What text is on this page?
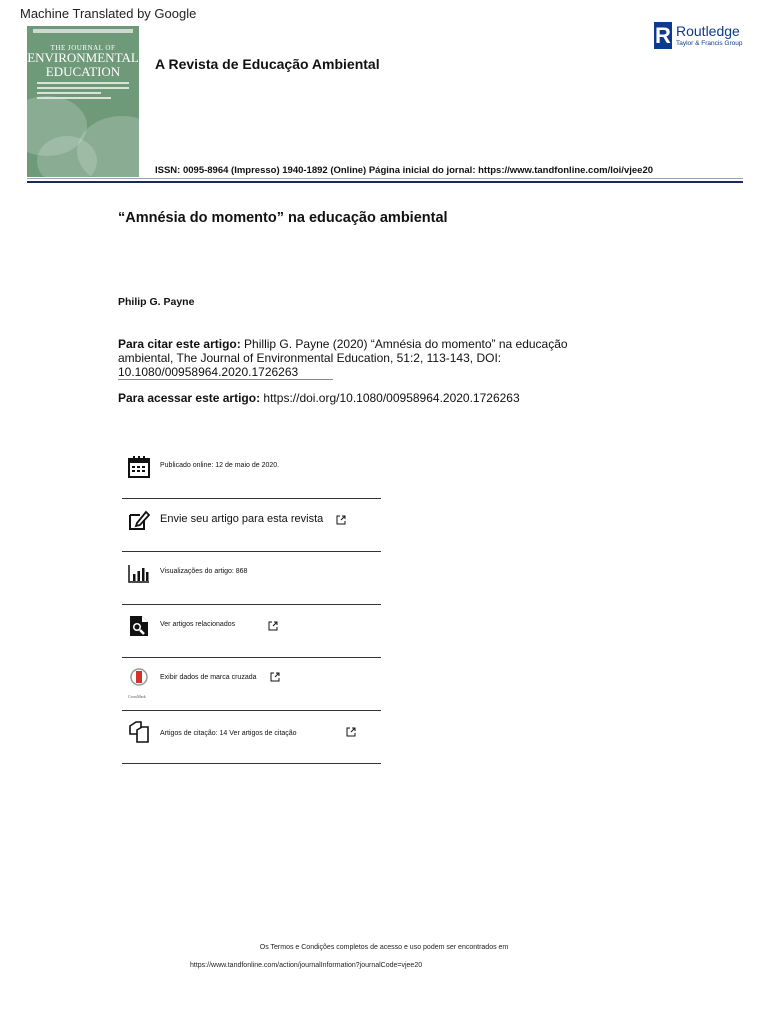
Machine Translated by Google
THE JOURNAL OF
ENVIRONMENTAL
EDUCATION	A Revista de Educação Ambiental
R Routledge
Taylor & Francis Group
ISSN: 0095-8964 (Impresso) 1940-1892 (Online) Página inicial do jornal: https://www.tandfonline.com/loi/vjee20
“Amnésia do momento” na educação ambiental
Philip G. Payne
Para citar este artigo: Phillip G. Payne (2020) “Amnésia do momento” na educação ambiental, The Journal of Environmental Education, 51:2, 113-143, DOI: 10.1080/00958964.2020.1726263
Para acessar este artigo: https://doi.org/10.1080/00958964.2020.1726263
Publicado online: 12 de maio de 2020.
Envie seu artigo para esta revista
Visualizações do artigo: 868
Ver artigos relacionados
CrossMark
Exibir dados de marca cruzada
Artigos de citação: 14 Ver artigos de citação
Os Termos e Condições completos de acesso e uso podem ser encontrados em
https://www.tandfonline.com/action/journalInformation?journalCode=vjee20
